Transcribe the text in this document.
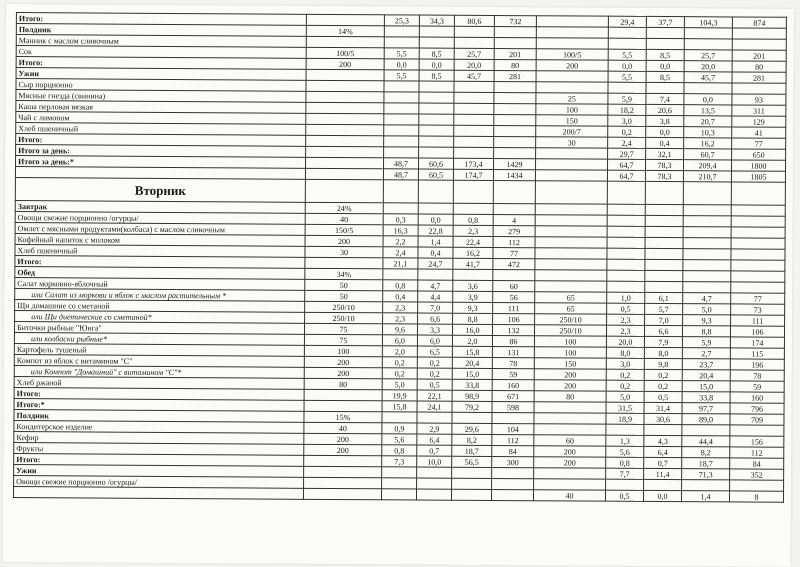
Итого:		25,3	34,3	80,6	732		29,4	37,7	104,3	874
Полдник	14%									
Манник с маслом сливочным										
Сок	100/5	5,5	8,5	25,7	201	100/5	5,5	8,5	25,7	201
Итого:	200	0,0	0,0	20,0	80	200	0,0	0,0	20,0	80
Ужин		5,5	8,5	45,7	281		5,5	8,5	45,7	281
Сыр порционно										
Мясные гнезда (свинина)						25	5,9	7,4	0,0	93
Каша перловая вязкая						100	18,2	20,6	13,5	311
Чай с лимоном						150	3,0	3,8	20,7	129
Хлеб пшеничный						200/7	0,2	0,0	10,3	41
Итого:						30	2,4	0,4	16,2	77
Итого за день:							29,7	32,1	60,7	650
Итого за день:*		48,7	60,6	173,4	1429		64,7	78,3	209,4	1800
		48,7	60,5	174,7	1434		64,7	78,3	210,7	1805
Вторник										
Завтрак	24%									
Овощи свежие порционно /огурцы/	40	0,3	0,0	0,8	4					
Омлет с мясными продуктами(колбаса) с маслом сливочным	150/5	16,3	22,8	2,3	279					
Кофейный напиток с молоком	200	2,2	1,4	22,4	112					
Хлеб пшеничный	30	2,4	0,4	16,2	77					
Итого:		21,1	24,7	41,7	472					
Обед	34%									
Салат морковно-яблочный	50	0,8	4,7	3,6	60					
или Салат из моркови и яблок с маслом растительным *	50	0,4	4,4	3,9	56	65	1,0	6,1	4,7	77
Щи домашние со сметаной	250/10	2,3	7,0	9,3	111	65	0,5	5,7	5,0	73
или Щи диетические со сметаной*	250/10	2,3	6,6	8,8	106	250/10	2,3	7,0	9,3	111
Биточки рыбные "Юнга"	75	9,6	3,3	16,0	132	250/10	2,3	6,6	8,8	106
или колбаски рыбные*	75	6,0	6,0	2,0	86	100	20,0	7,9	5,9	174
Картофель тушеный	100	2,0	6,5	15,8	131	100	8,0	8,0	2,7	115
Компот из яблок с витамином "С"	200	0,2	0,2	20,4	78	150	3,0	9,8	23,7	196
или Компот "Домашний" с витамином "С"*	200	0,2	0,2	15,0	59	200	0,2	0,2	20,4	78
Хлеб ржаной	80	5,0	0,5	33,8	160	200	0,2	0,2	15,0	59
Итого:		19,9	22,1	98,9	671	80	5,0	0,5	33,8	160
Итого:*		15,8	24,1	79,2	598		31,5	31,4	97,7	796
Полдник	15%						18,9	30,6	89,0	709
Кондитерское изделие	40	0,9	2,9	29,6	104					
Кефир	200	5,6	6,4	8,2	112	60	1,3	4,3	44,4	156
Фрукты	200	0,8	0,7	18,7	84	200	5,6	6,4	8,2	112
Итого:		7,3	10,0	56,5	300	200	0,8	0,7	18,7	84
Ужин							7,7	11,4	71,3	352
Овощи свежие порционно /огурцы/										
						40	0,5	0,0	1,4	8
